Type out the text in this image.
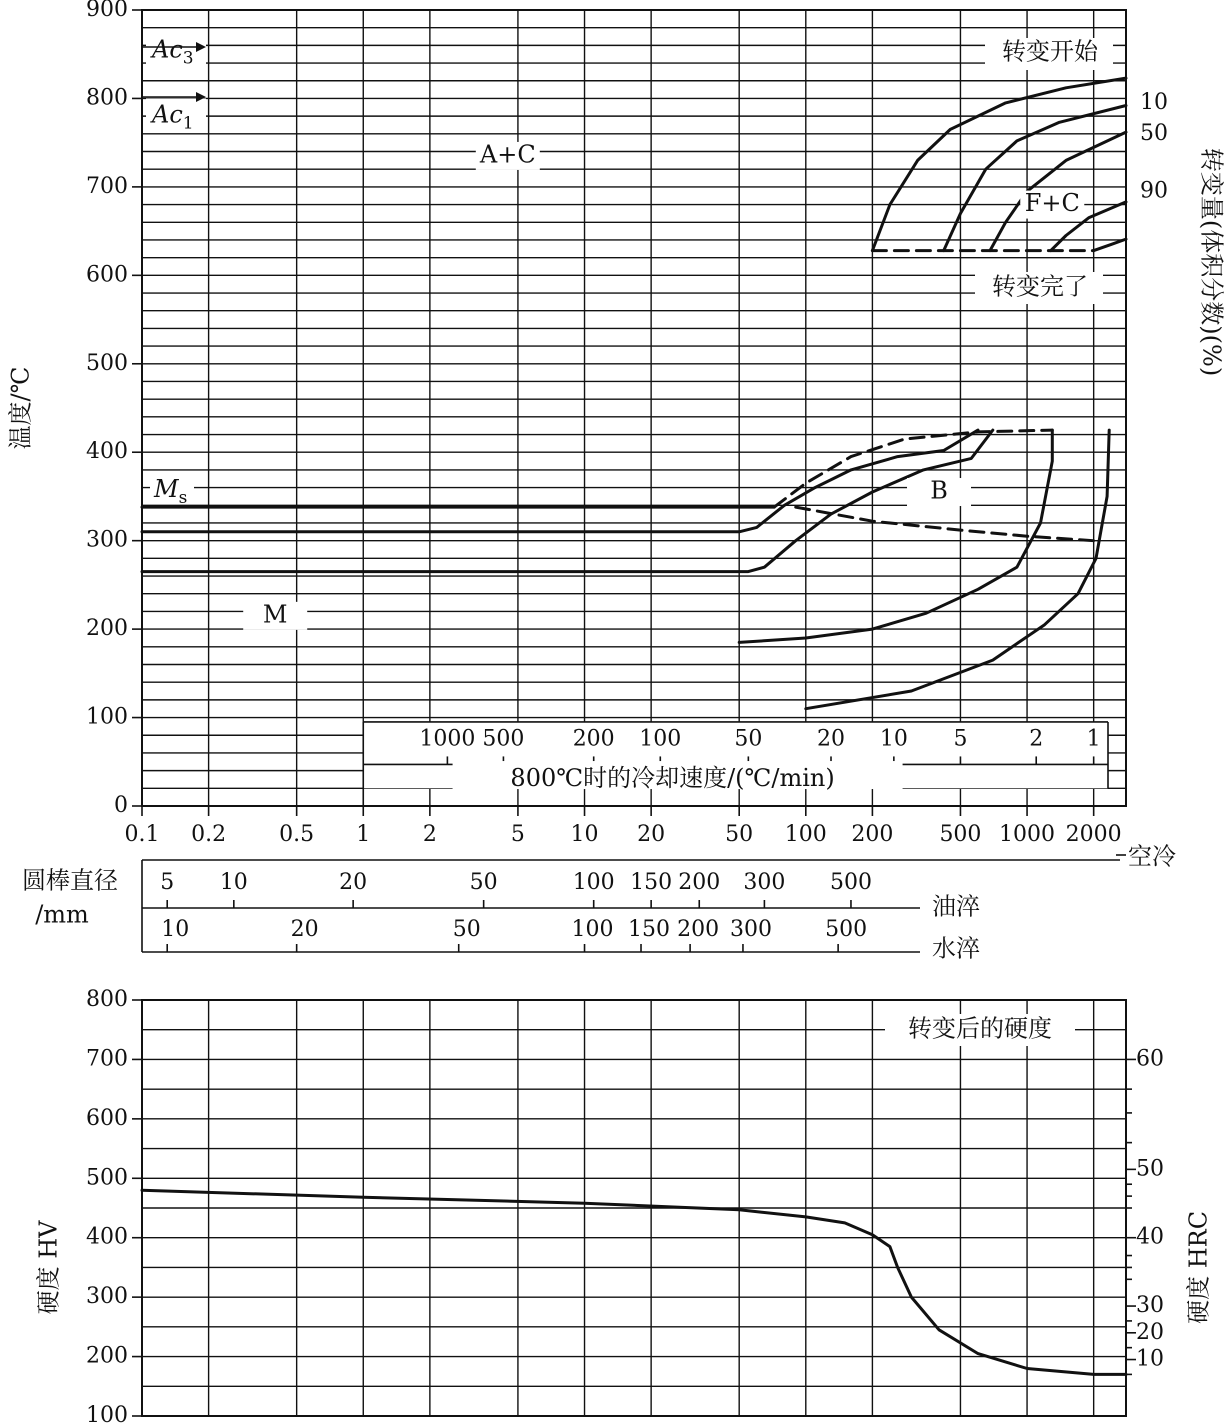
0
100
200
300
400
500
600
700
800
900
温度/℃
1000 500 200 100 50 20 10 5	2 1
800℃时的冷却速度/(℃/min)
0.1 0.2 0.5 1 2	5 10 20	50 100 200 500 1000 2000
空冷
$Ac_3$
$Ac_1$
$M_s$
转变量(体积分数)(%)
10
50
90
转变开始
转变完了
A+C
F+C
B
M
圆棒直径
/mm	油淬
水淬
5 10	20	50	100 150 200 300 500
10	20	50	100 150 200 300 500
100
200
300
400
500
600
700
800
硬度 HV	硬度 HRC
10
20
30
40
50
60
转变后的硬度
